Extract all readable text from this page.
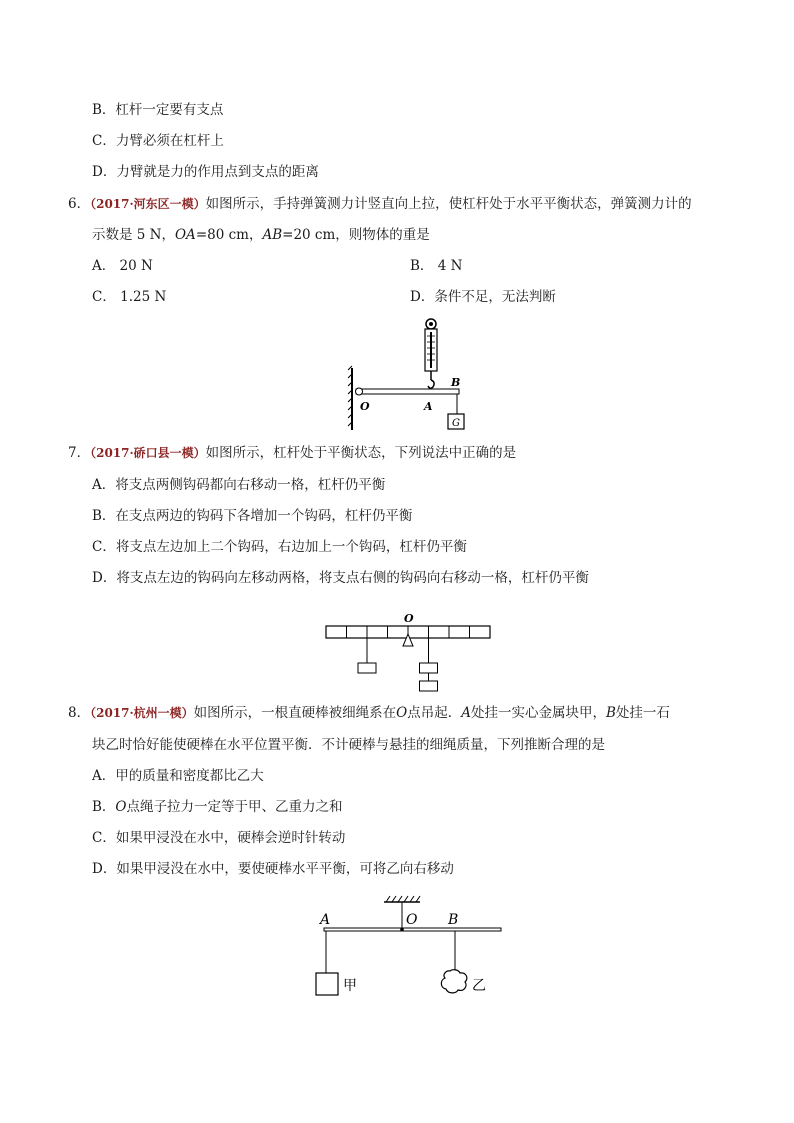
B．杠杆一定要有支点
C．力臂必须在杠杆上
D．力臂就是力的作用点到支点的距离
6．（2017·河东区一模）如图所示，手持弹簧测力计竖直向上拉，使杠杆处于水平平衡状态，弹簧测力计的
示数是 5 N，OA=80 cm，AB=20 cm，则物体的重是
A． 20 N	B． 4 N
C． 1.25 N	D．条件不足，无法判断
G
O	A
B
7．（2017·硚口县一模）如图所示，杠杆处于平衡状态，下列说法中正确的是
A．将支点两侧钩码都向右移动一格，杠杆仍平衡
B．在支点两边的钩码下各增加一个钩码，杠杆仍平衡
C．将支点左边加上二个钩码，右边加上一个钩码，杠杆仍平衡
D．将支点左边的钩码向左移动两格，将支点右侧的钩码向右移动一格，杠杆仍平衡
O
8．（2017·杭州一模）如图所示，一根直硬棒被细绳系在O点吊起．A处挂一实心金属块甲，B处挂一石
块乙时恰好能使硬棒在水平位置平衡．不计硬棒与悬挂的细绳质量，下列推断合理的是
A．甲的质量和密度都比乙大
B．O点绳子拉力一定等于甲、乙重力之和
C．如果甲浸没在水中，硬棒会逆时针转动
D．如果甲浸没在水中，要使硬棒水平平衡，可将乙向右移动
A	O B
甲	乙
